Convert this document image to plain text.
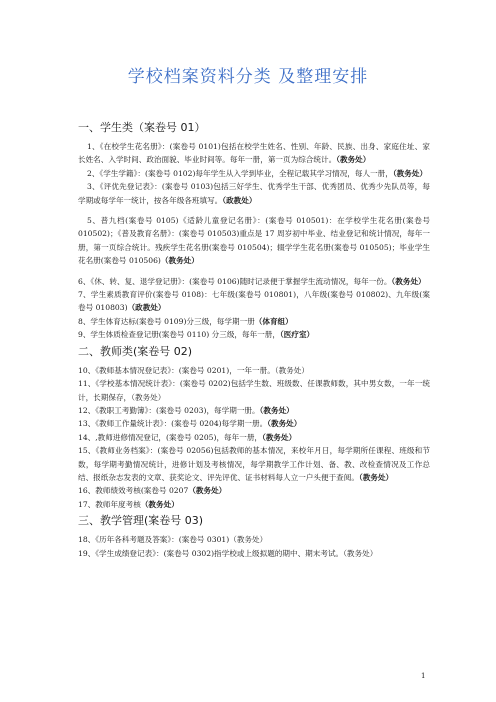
学校档案资料分类 及整理安排
一、学生类（案卷号 01）

1、《在校学生花名册》：(案卷号 0101)包括在校学生姓名、性别、年龄、民族、出身、家庭住址、家长姓名、入学时间、政治面貌、毕业时间等。每年一册，第一页为综合统计。（教务处）

2、《学生学籍》：(案卷号 0102)每年学生从入学到毕业，全程记载其学习情况，每人一册，（教务处）

3、《评优先登记表》：(案卷号 0103)包括三好学生、优秀学生干部、优秀团员、优秀少先队员等，每学期或每学年一统计，按各年级各班填写。（政教处）

5、普九档(案卷号 0105)《适龄儿童登记名册》：(案卷号 010501)：在学校学生花名册(案卷号 010502)；《普及教育名册》：(案卷号 010503)重点是 17 周岁初中毕业、结业登记和统计情况，每年一册，第一页综合统计。残疾学生花名册(案卷号 010504)；辍学学生花名册(案卷号 010505)；毕业学生花名册(案卷号 010506)（教务处）

6、《休、转、复、退学登记册》：(案卷号 0106)随时记录便于掌握学生流动情况，每年一份。（教务处）

7、学生素质教育评价(案卷号 0108)：七年级(案卷号 010801)，八年级(案卷号 010802)、九年级(案卷号 010803)（政教处）

8、学生体育达标(案卷号 0109)分三级，每学期一册（体育组）

9、学生体质检查登记册(案卷号 0110) 分三级，每年一册，（医疗室）

二、教师类(案卷号 02)

10、《教师基本情况登记表》：(案卷号 0201)，一年一册。（教务处）

11、《学校基本情况统计表》：(案卷号 0202)包括学生数、班级数、任课教师数，其中男女数，一年一统计，长期保存，（教务处）

12、《教职工考勤簿》：(案卷号 0203)，每学期一册。（教务处）

13、《教师工作量统计表》：(案卷号 0204)每学期一册。（教务处）

14、,教师进修情况登记，(案卷号 0205)，每年一册，（教务处）

15、《教师业务档案》：(案卷号 02056)包括教师的基本情况，来校年月日，每学期所任课程、班级和节数，每学期考勤情况统计，进修计划及考核情况，每学期教学工作计划、备、教、改检查情况及工作总结、报纸杂志发表的文章、获奖论文、评先评优、证书材料每人立一户头便于查阅。（教务处）

16、教师绩效考核(案卷号 0207（教务处）

17、教师年度考核（教务处）

三、教学管理(案卷号 03)

18、《历年各科考题及答案》：(案卷号 0301)（教务处）

19、《学生成绩登记表》：(案卷号 0302)指学校或上级拟题的期中、期末考试。（教务处）

1
